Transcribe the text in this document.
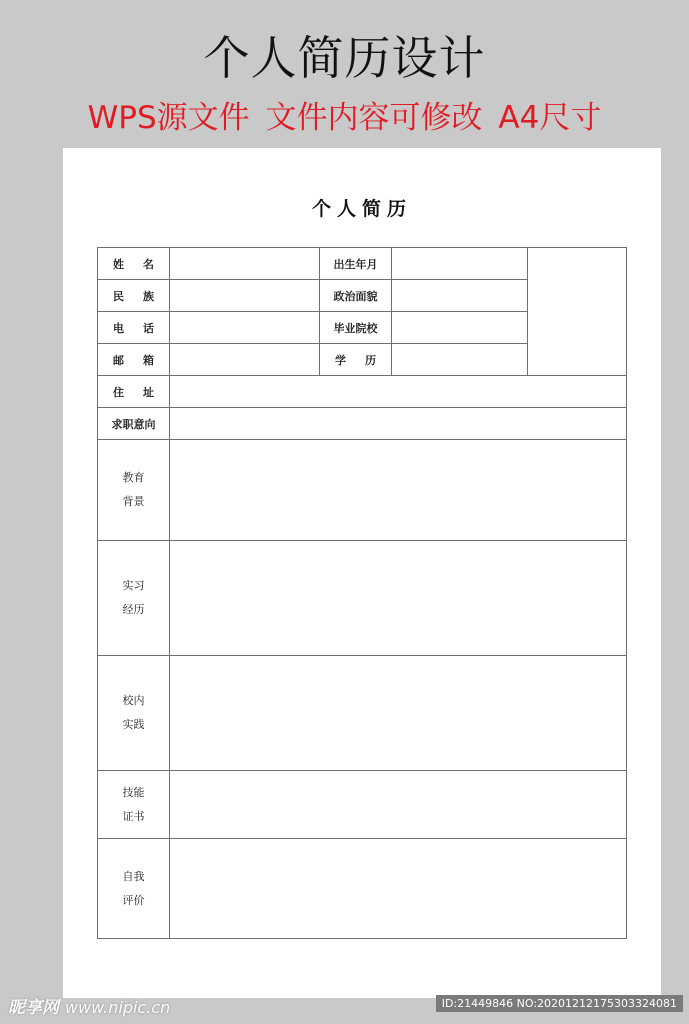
个人简历设计
WPS源文件 文件内容可修改 A4尺寸
个人简历
姓 名		出生年月		

民 族		政治面貌		

电 话		毕业院校		

邮 箱		学 历		

住 址				

求职意向				

教育
背景				

实习
经历				

校内
实践				

技能
证书				

自我
评价				

昵享网 www.nipic.cn	ID:21449846 NO:20201212175303324081
